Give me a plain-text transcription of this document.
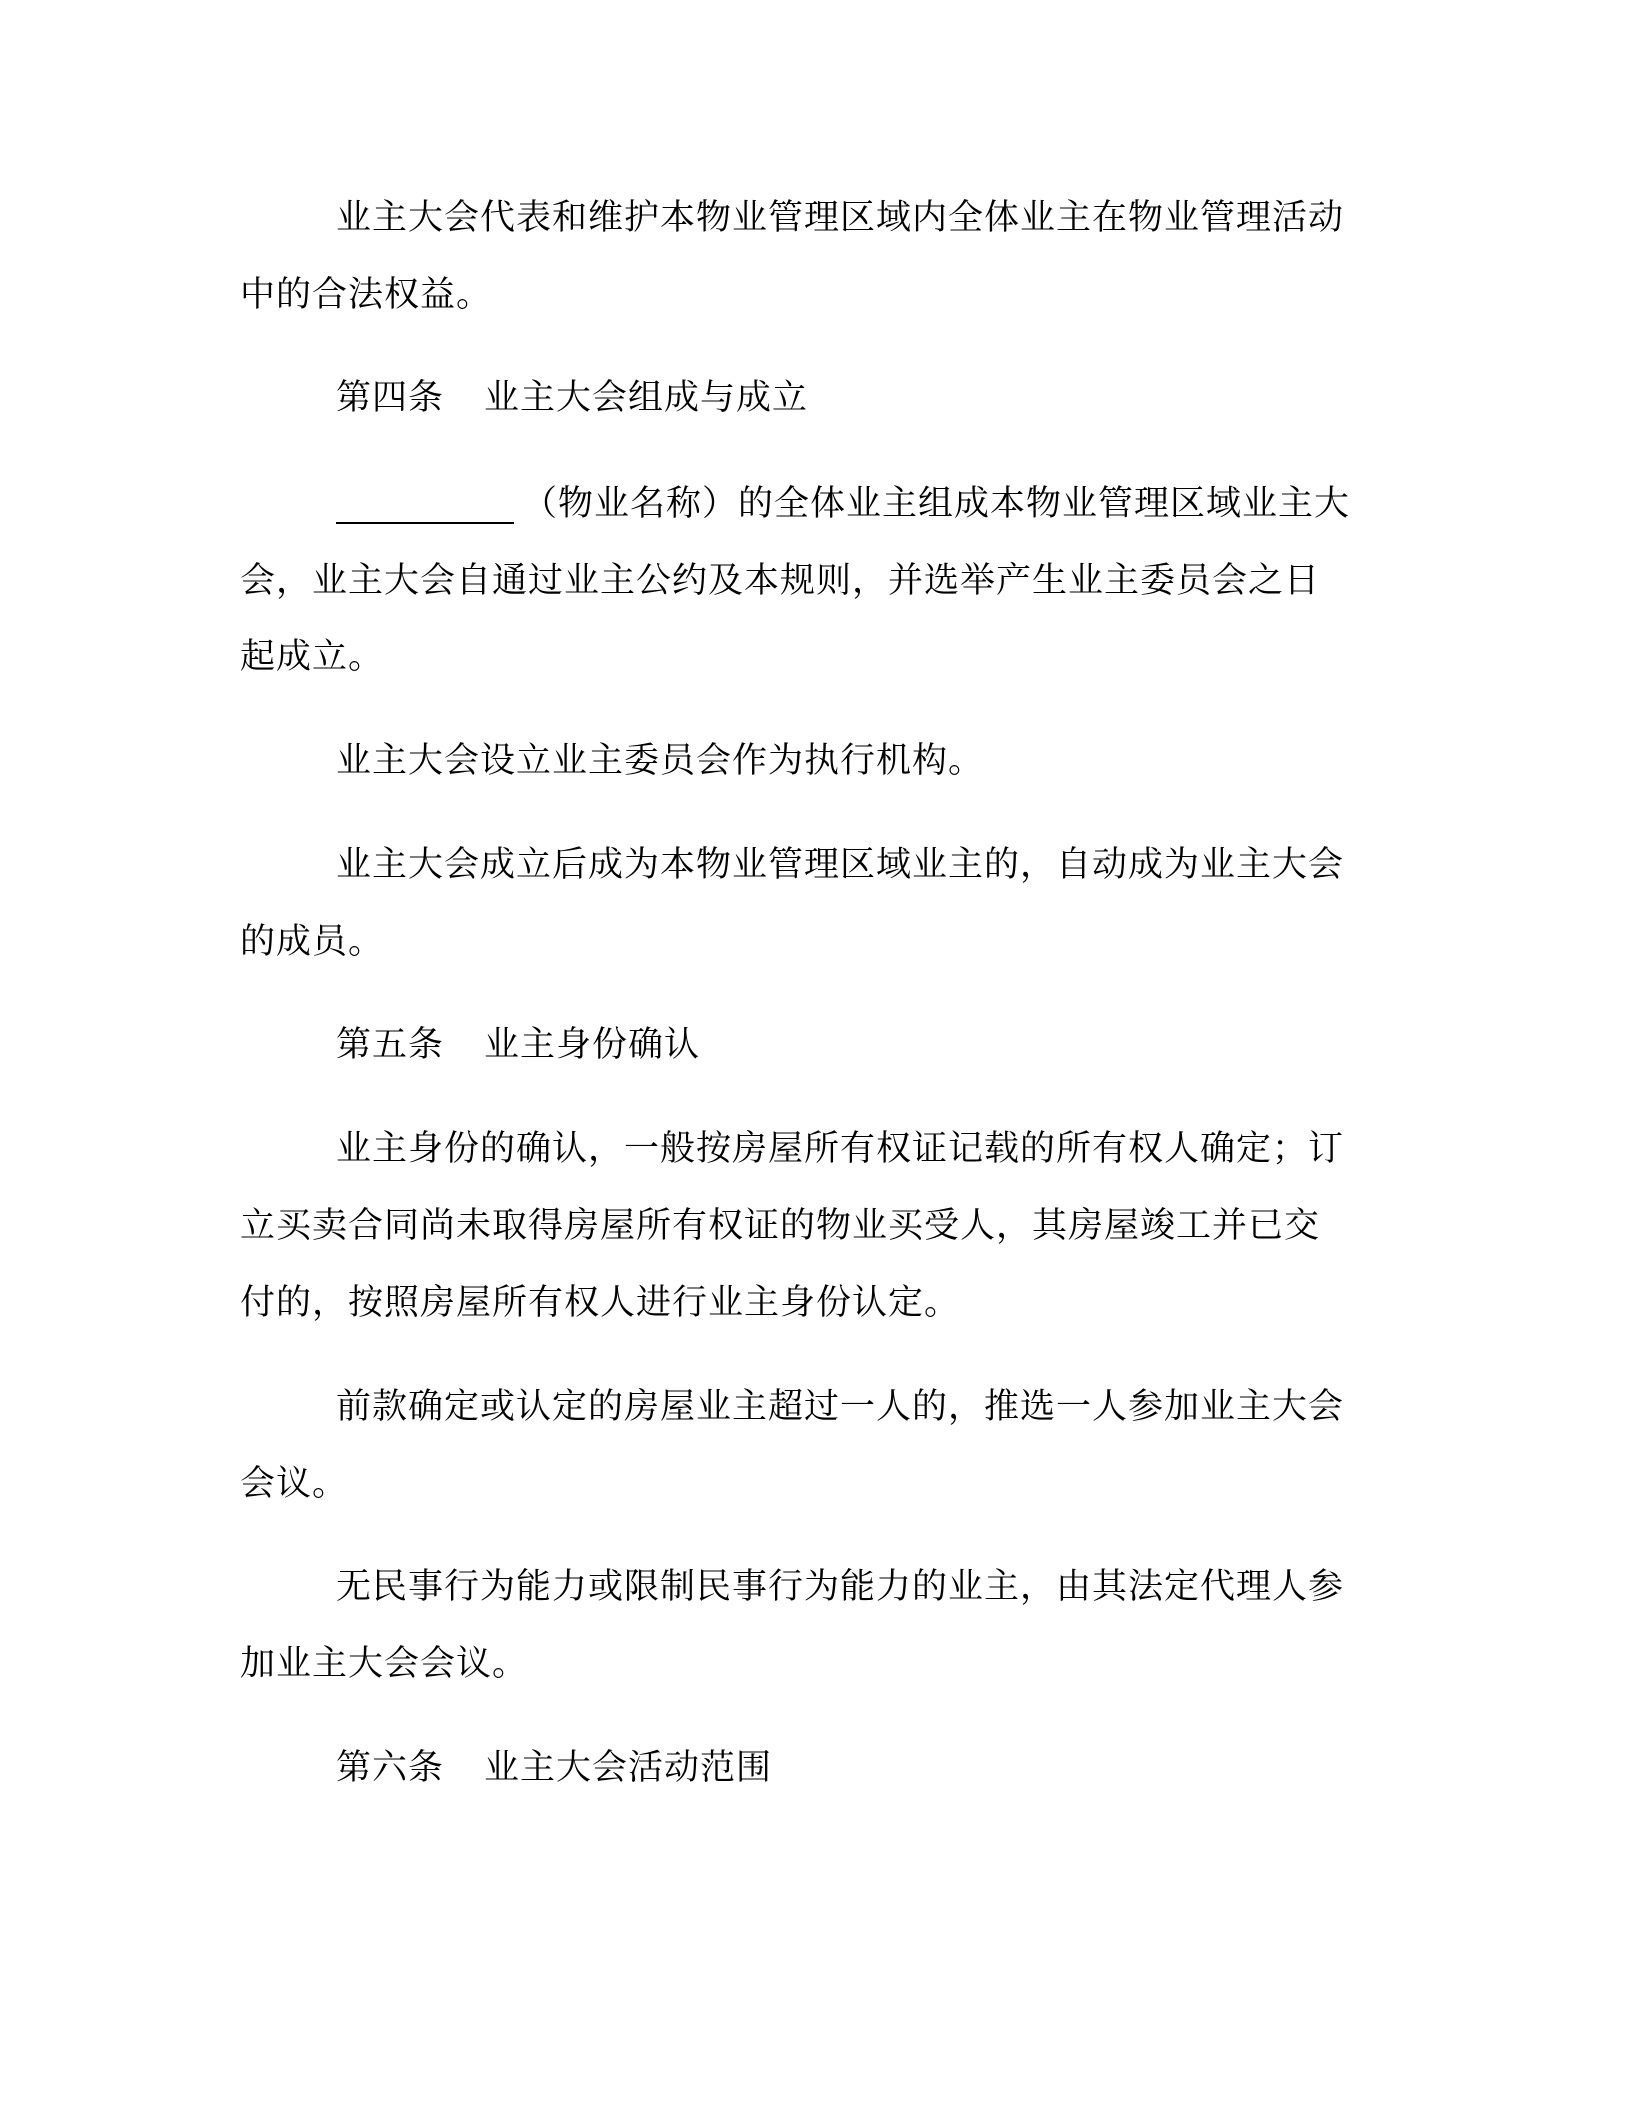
业主大会代表和维护本物业管理区域内全体业主在物业管理活动
中的合法权益。
第四条 业主大会组成与成立
（物业名称）的全体业主组成本物业管理区域业主大
会，业主大会自通过业主公约及本规则，并选举产生业主委员会之日
起成立。
业主大会设立业主委员会作为执行机构。
业主大会成立后成为本物业管理区域业主的，自动成为业主大会
的成员。
第五条 业主身份确认
业主身份的确认，一般按房屋所有权证记载的所有权人确定；订
立买卖合同尚未取得房屋所有权证的物业买受人，其房屋竣工并已交
付的，按照房屋所有权人进行业主身份认定。
前款确定或认定的房屋业主超过一人的，推选一人参加业主大会
会议。
无民事行为能力或限制民事行为能力的业主，由其法定代理人参
加业主大会会议。
第六条 业主大会活动范围
